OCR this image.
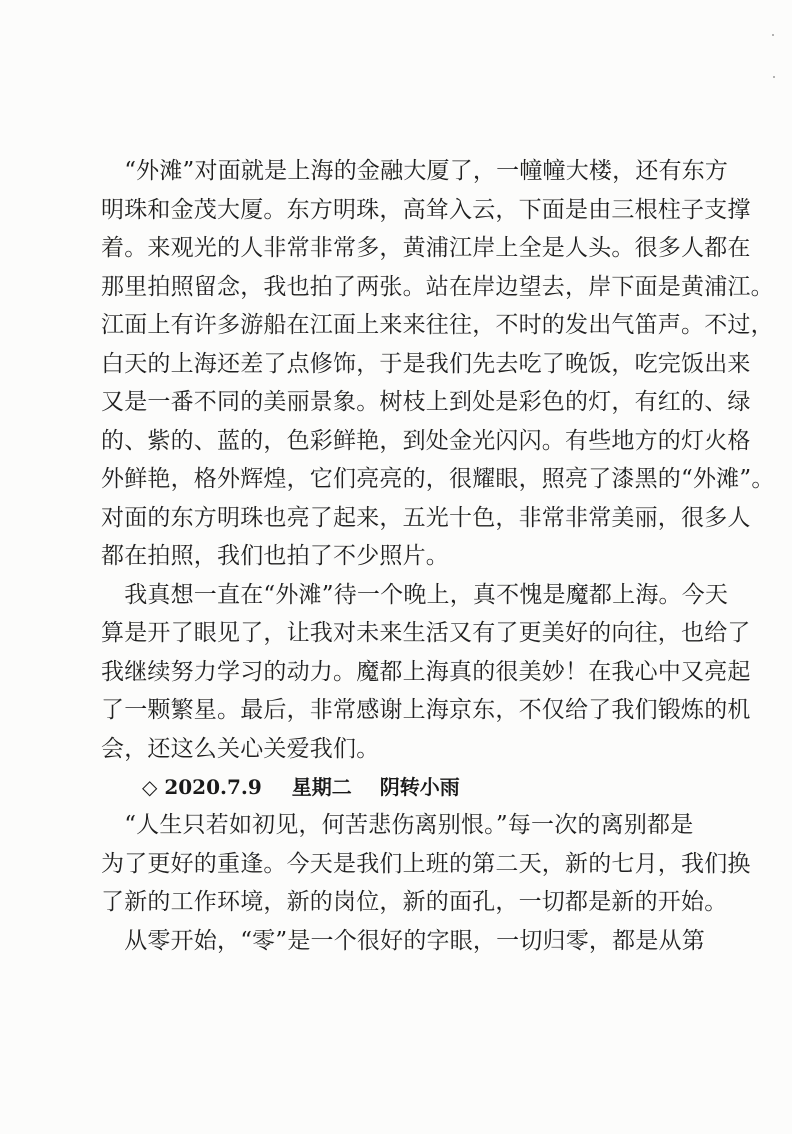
　“外滩”对面就是上海的金融大厦了，一幢幢大楼，还有东方
明珠和金茂大厦。东方明珠，高耸入云，下面是由三根柱子支撑
着。来观光的人非常非常多，黄浦江岸上全是人头。很多人都在
那里拍照留念，我也拍了两张。站在岸边望去，岸下面是黄浦江。
江面上有许多游船在江面上来来往往，不时的发出气笛声。不过，
白天的上海还差了点修饰，于是我们先去吃了晚饭，吃完饭出来
又是一番不同的美丽景象。树枝上到处是彩色的灯，有红的、绿
的、紫的、蓝的，色彩鲜艳，到处金光闪闪。有些地方的灯火格
外鲜艳，格外辉煌，它们亮亮的，很耀眼，照亮了漆黑的“外滩”。
对面的东方明珠也亮了起来，五光十色，非常非常美丽，很多人
都在拍照，我们也拍了不少照片。
　我真想一直在“外滩”待一个晚上，真不愧是魔都上海。今天
算是开了眼见了，让我对未来生活又有了更美好的向往，也给了
我继续努力学习的动力。魔都上海真的很美妙！在我心中又亮起
了一颗繁星。最后，非常感谢上海京东，不仅给了我们锻炼的机
会，还这么关心关爱我们。
◇ 2020.7.9 星期二 阴转小雨
　“人生只若如初见，何苦悲伤离别恨。”每一次的离别都是
为了更好的重逢。今天是我们上班的第二天，新的七月，我们换
了新的工作环境，新的岗位，新的面孔，一切都是新的开始。
　从零开始，“零”是一个很好的字眼，一切归零，都是从第
